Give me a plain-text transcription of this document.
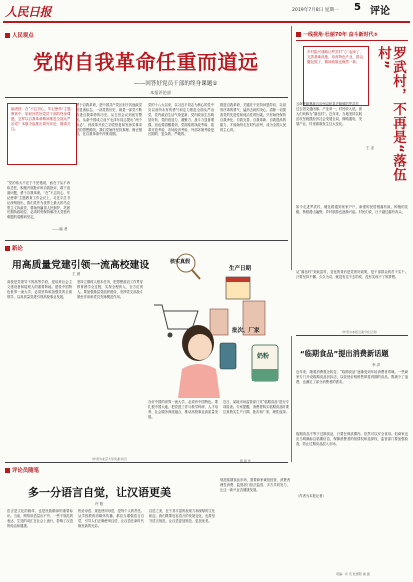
人民日报	2019年7月8日 星期一 5 评论
人民观点
党的自我革命任重而道远
——回答好党员干部的终身课题①
本报评论部
编者按：在“不忘初心、牢记使命”主题教育中，如何回答好党员干部的终身课题，怎样以自我革命精神推进全面从严治党？本版今起推出系列评论，敬请关注。
——编 者
“党的伟大不在于不犯错误，而在于从不讳疾忌医，积极开展批评和自我批评，敢于直面问题，勇于自我革命。”在“不忘初心、牢记使命”主题教育工作会议上，习近平总书记深刻指出，我们党作为世界上最大的马克思主义执政党，要始终赢得人民拥护、巩固长期执政地位，必须时刻保持解决大党独有难题的清醒和坚定。
勇于自我革命，是中国共产党区别于其他政党的显著标志。一部党的历史，就是一部党不断推进自我革命的历史。从古田会议到延安整风，从新中国成立前夕毛泽东同志提出“两个务必”，到改革开放之初党恢复和发扬实事求是的思想路线，我们党始终坚持真理、修正错误，在自我革命中淬炼成钢。
党的十八大以来，以习近平同志为核心的党中央以前所未有的勇气和定力推进全面从严治党，党内政治生活气象更新，党内政治生态明显好转，党的创造力、凝聚力、战斗力显著增强。但也要清醒看到，党面临的执政考验、改革开放考验、市场经济考验、外部环境考验是长期的、复杂的、严峻的。
推进自我革命，关键在于坚持问题导向，以刮骨疗毒的勇气、猛药去疴的决心，清除一切损害党的先进性和纯洁性的因素。只有始终保持自我净化、自我完善、自我革新、自我提高的能力，才能始终走在时代前列，成为全国人民的主心骨。
一线视角·壮丽70年 奋斗新时代⑤
乡村振兴战略让罗武村“立”起来了，完善基础设施、培育特色产业，群众腰包鼓了，精神面貌也焕然一新。	罗武村，不再是“落伍村”
王 亚
云南楚雄彝族自治州双柏县法脿镇的罗武村，过去因交通闭塞、产业单一，村民收入低，被人们戏称为“落伍村”。近年来，当地坚持以脱贫攻坚统揽经济社会发展全局，修路通电、发展产业，村里面貌发生巨大变化。
如今走进罗武村，硬化路通到家家户户，新建的民居错落有致，种植的花椒、核桃漫山遍野，乡村旅游也逐渐兴起。村民们说，日子越过越有奔头。
从“落伍村”到致富村，变化的背后是党的好政策，是干部群众的苦干实干。只要坚持不懈、久久为功，就没有过不去的坎，没有实现不了的梦想。
（作者为本报云南分社记者）
新论
用高质量党建引领一流高校建设
王 晨
高校是党领导下的高等学府，是培养社会主义建设者和接班人的重要阵地。建设中国特色世界一流大学，必须坚持和加强党的全面领导，以高质量党建引领高校事业发展。
坚持立德树人根本任务，把思想政治工作贯穿教育教学全过程，实现全程育人、全方位育人。要加强基层党组织建设，发挥党支部战斗堡垒作用和党员先锋模范作用。
办好中国的世界一流大学，必须有中国特色。要扎根中国大地，把党建工作与教学科研、人才培养、社会服务深度融合，推动高校事业高质量发展。
（作者为北京大学党委书记）
核实真假
生产日期
批次、厂家
奶粉
近日，某地市场监管部门对“临期食品”进行专项检查。专家提醒，消费者购买临期食品时要注意核实生产日期、批次和厂家，理性选择。
程 硕 作
“临期食品”提出消费新话题
李 洪
近年来，随着消费观念转变，“临期食品”逐渐受到年轻消费者青睐。一些商家专门开设临期食品折扣店，以较低价格销售即将到期的食品，既减少了浪费，也满足了部分消费者的需求。
临期食品不等于过期食品，只要在保质期内，依然可以安全食用。但商家也应当明确标注临期信息，保障消费者的知情权和选择权，监管部门要加强检查，防止过期食品混入市场。
评论员随笔
多一分语言自觉，让汉语更美
许 阳
语言是文化的载体，也是民族精神的重要标识。当前，网络用语层出不穷，一些不规范的表达、生造的词汇在社会上流行，影响了汉语的纯洁和健康。
热爱母语、规范使用母语，是每个人的责任。从学校教育到媒体传播，都应当增强语言自觉，引导人们正确使用汉语，让汉语在新时代焕发新的光彩。
汉语之美，在于其丰富的表现力和深厚的文化积淀。我们既要包容语言的发展变化，也要坚守语言规范，让汉语更加规范、更加优美。
规范临期食品市场，需要商家诚信经营、消费者理性消费、监管部门依法监管，多方共同发力，让这一新兴业态健康发展。
（作者为本报记者）
责编：许 庆 杜德阳 鲁 振
